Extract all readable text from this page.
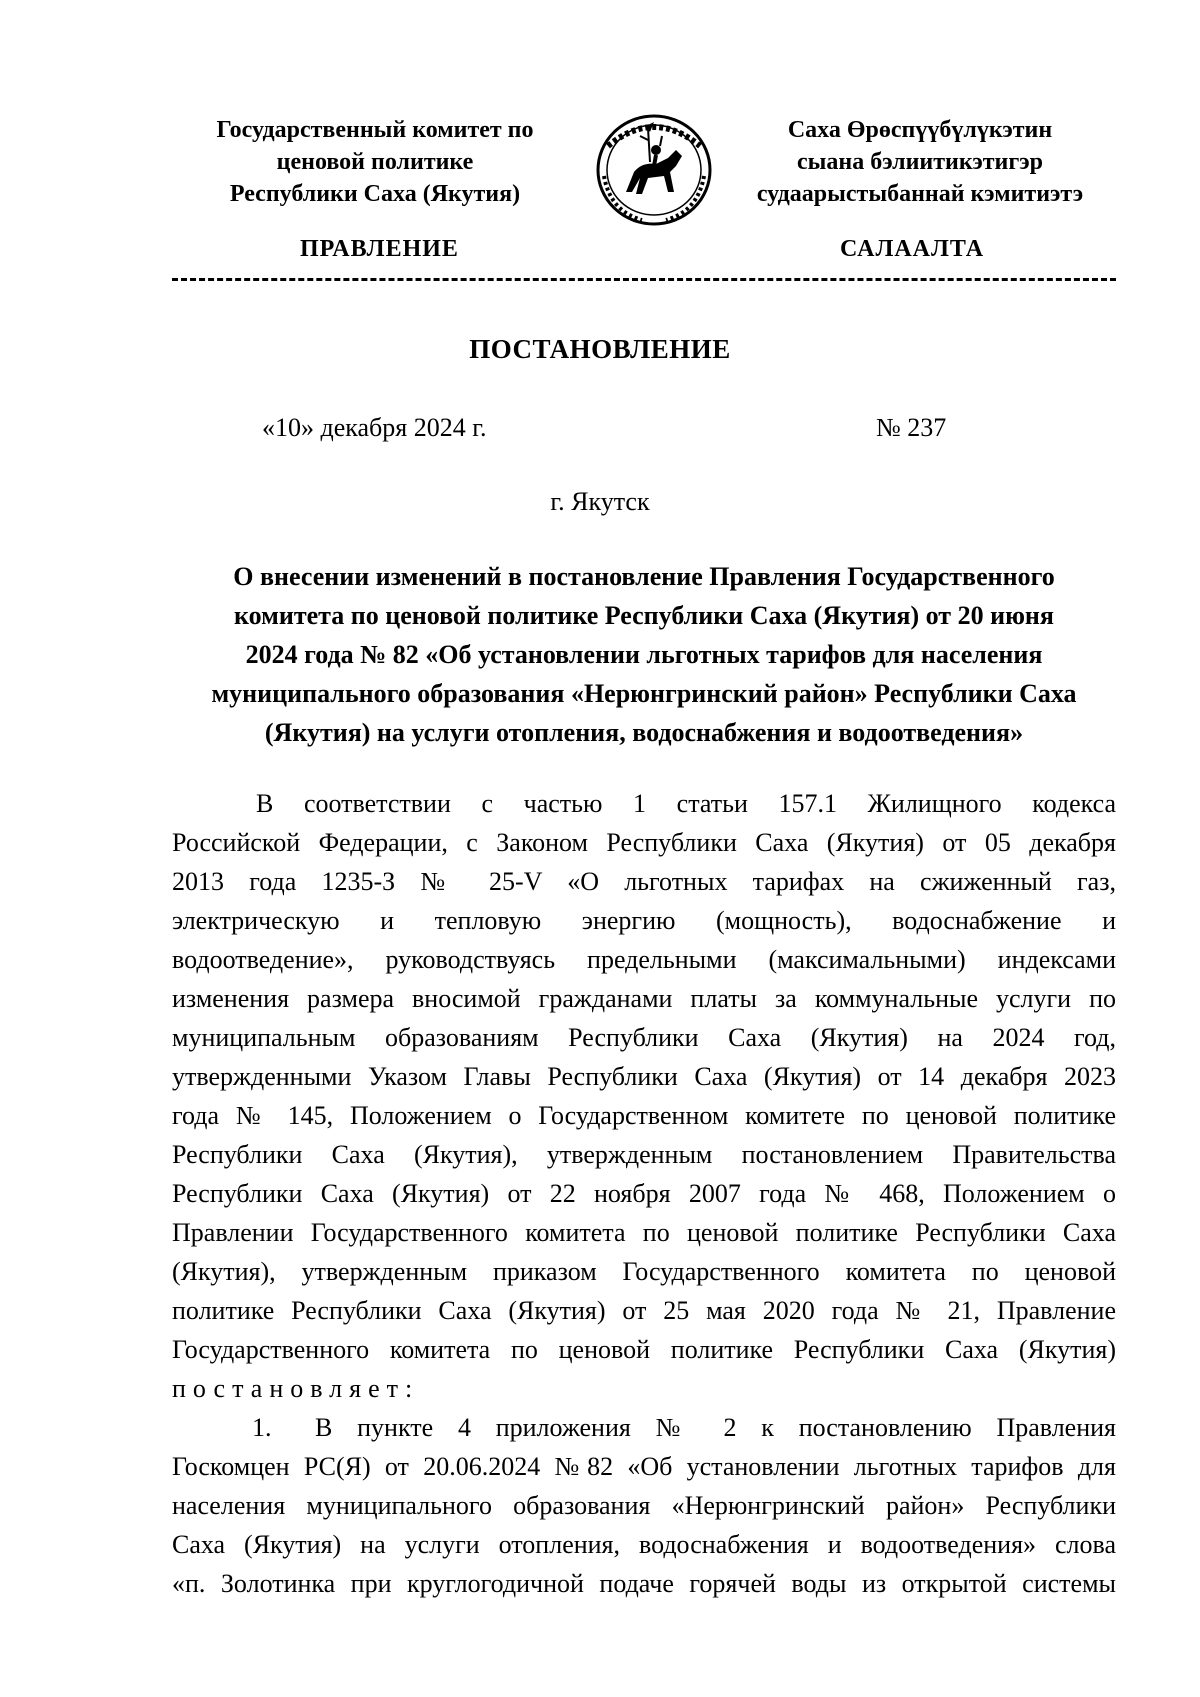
Государственный комитет по
ценовой политике
Республики Саха (Якутия)
Саха Өрөспүүбүлүкэтин
сыана бэлиитикэтигэр
судаарыстыбаннай кэмитиэтэ
ПРАВЛЕНИЕ	САЛААЛТА
ПОСТАНОВЛЕНИЕ
«10» декабря 2024 г.	№ 237
г. Якутск
О внесении изменений в постановление Правления Государственного
комитета по ценовой политике Республики Саха (Якутия) от 20 июня
2024 года № 82 «Об установлении льготных тарифов для населения
муниципального образования «Нерюнгринский район» Республики Саха
(Якутия) на услуги отопления, водоснабжения и водоотведения»
В соответствии с частью 1 статьи 157.1 Жилищного кодекса
Российской Федерации, с Законом Республики Саха (Якутия) от 05 декабря
2013 года 1235-З № 25-V «О льготных тарифах на сжиженный газ,
электрическую и тепловую энергию (мощность), водоснабжение и
водоотведение», руководствуясь предельными (максимальными) индексами
изменения размера вносимой гражданами платы за коммунальные услуги по
муниципальным образованиям Республики Саха (Якутия) на 2024 год,
утвержденными Указом Главы Республики Саха (Якутия) от 14 декабря 2023
года № 145, Положением о Государственном комитете по ценовой политике
Республики Саха (Якутия), утвержденным постановлением Правительства
Республики Саха (Якутия) от 22 ноября 2007 года № 468, Положением о
Правлении Государственного комитета по ценовой политике Республики Саха
(Якутия), утвержденным приказом Государственного комитета по ценовой
политике Республики Саха (Якутия) от 25 мая 2020 года № 21, Правление
Государственного комитета по ценовой политике Республики Саха (Якутия)
постановляет:
1.	В пункте 4 приложения № 2 к постановлению Правления
Госкомцен РС(Я) от 20.06.2024 №82 «Об установлении льготных тарифов для
населения муниципального образования «Нерюнгринский район» Республики
Саха (Якутия) на услуги отопления, водоснабжения и водоотведения» слова
«п. Золотинка при круглогодичной подаче горячей воды из открытой системы
